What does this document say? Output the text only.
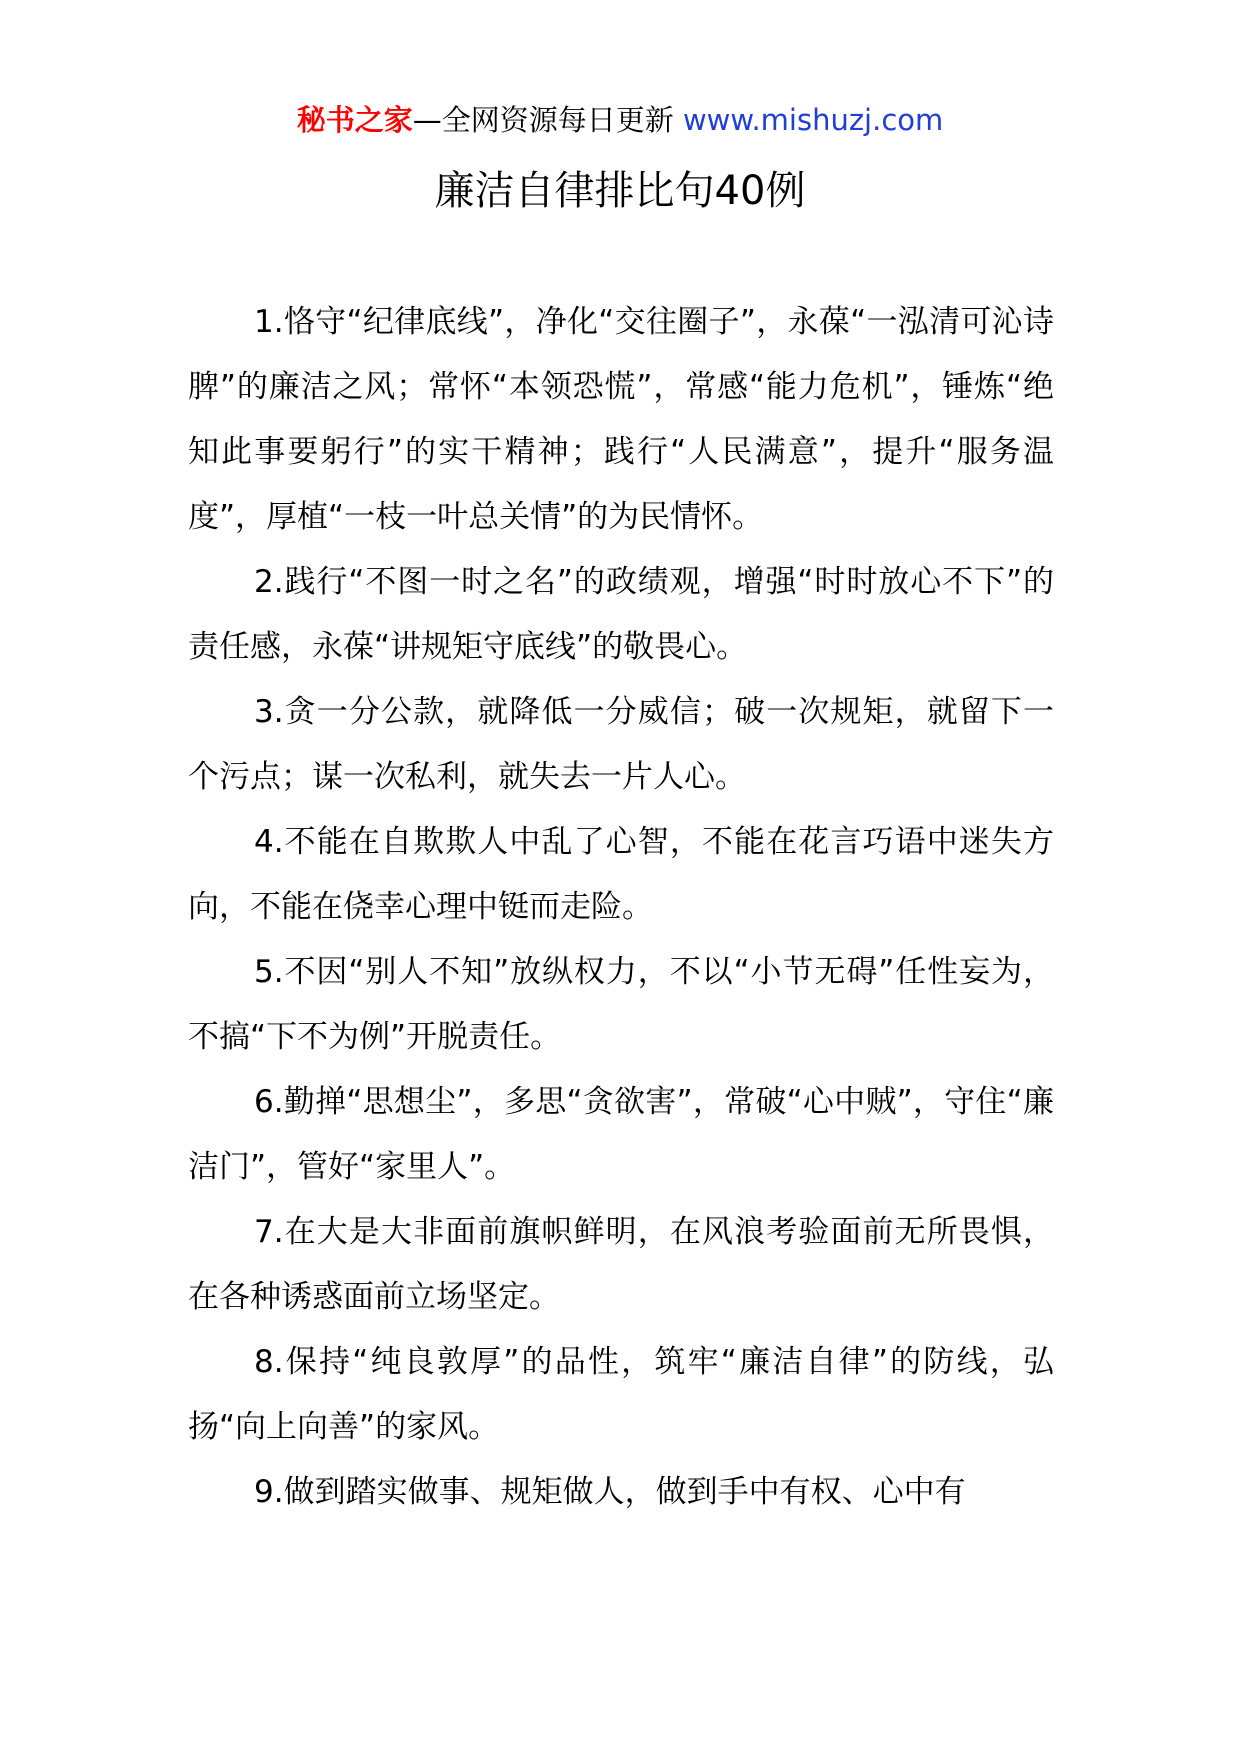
秘书之家—全网资源每日更新 www.mishuzj.com
廉洁自律排比句40例

1.恪守“纪律底线”，净化“交往圈子”，永葆“一泓清可沁诗脾”的廉洁之风；常怀“本领恐慌”，常感“能力危机”，锤炼“绝知此事要躬行”的实干精神；践行“人民满意”，提升“服务温度”，厚植“一枝一叶总关情”的为民情怀。

2.践行“不图一时之名”的政绩观，增强“时时放心不下”的责任感，永葆“讲规矩守底线”的敬畏心。

3.贪一分公款，就降低一分威信；破一次规矩，就留下一个污点；谋一次私利，就失去一片人心。

4.不能在自欺欺人中乱了心智，不能在花言巧语中迷失方向，不能在侥幸心理中铤而走险。

5.不因“别人不知”放纵权力，不以“小节无碍”任性妄为，不搞“下不为例”开脱责任。

6.勤掸“思想尘”，多思“贪欲害”，常破“心中贼”，守住“廉洁门”，管好“家里人”。

7.在大是大非面前旗帜鲜明，在风浪考验面前无所畏惧，在各种诱惑面前立场坚定。

8.保持“纯良敦厚”的品性，筑牢“廉洁自律”的防线，弘扬“向上向善”的家风。

9.做到踏实做事、规矩做人，做到手中有权、心中有
